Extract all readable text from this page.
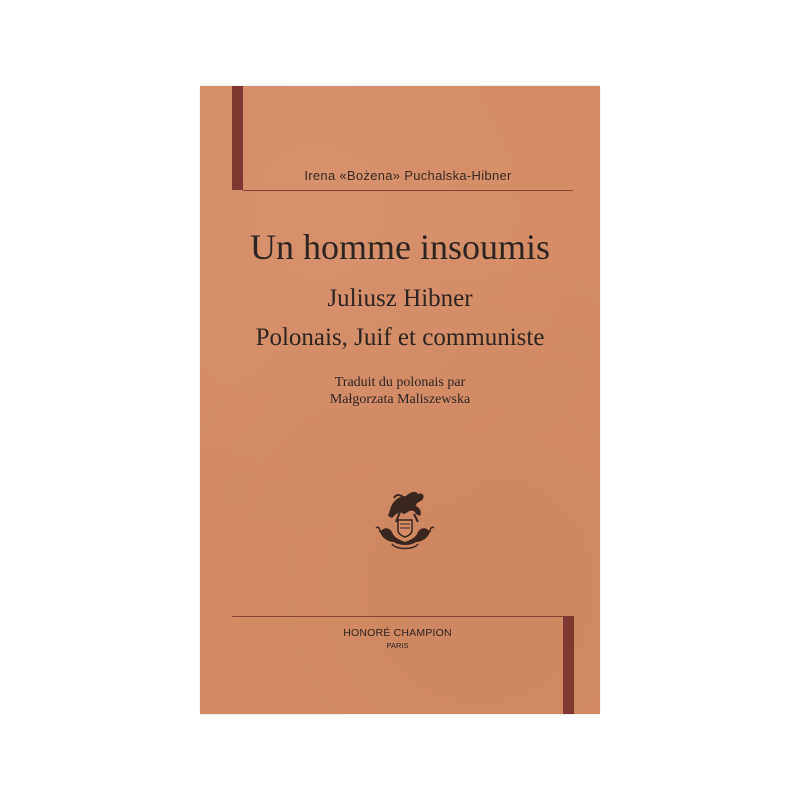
Irena «Bożena» Puchalska-Hibner
Un homme insoumis
Juliusz Hibner
Polonais, Juif et communiste
Traduit du polonais par
Małgorzata Maliszewska
HONORÉ CHAMPION
PARIS
